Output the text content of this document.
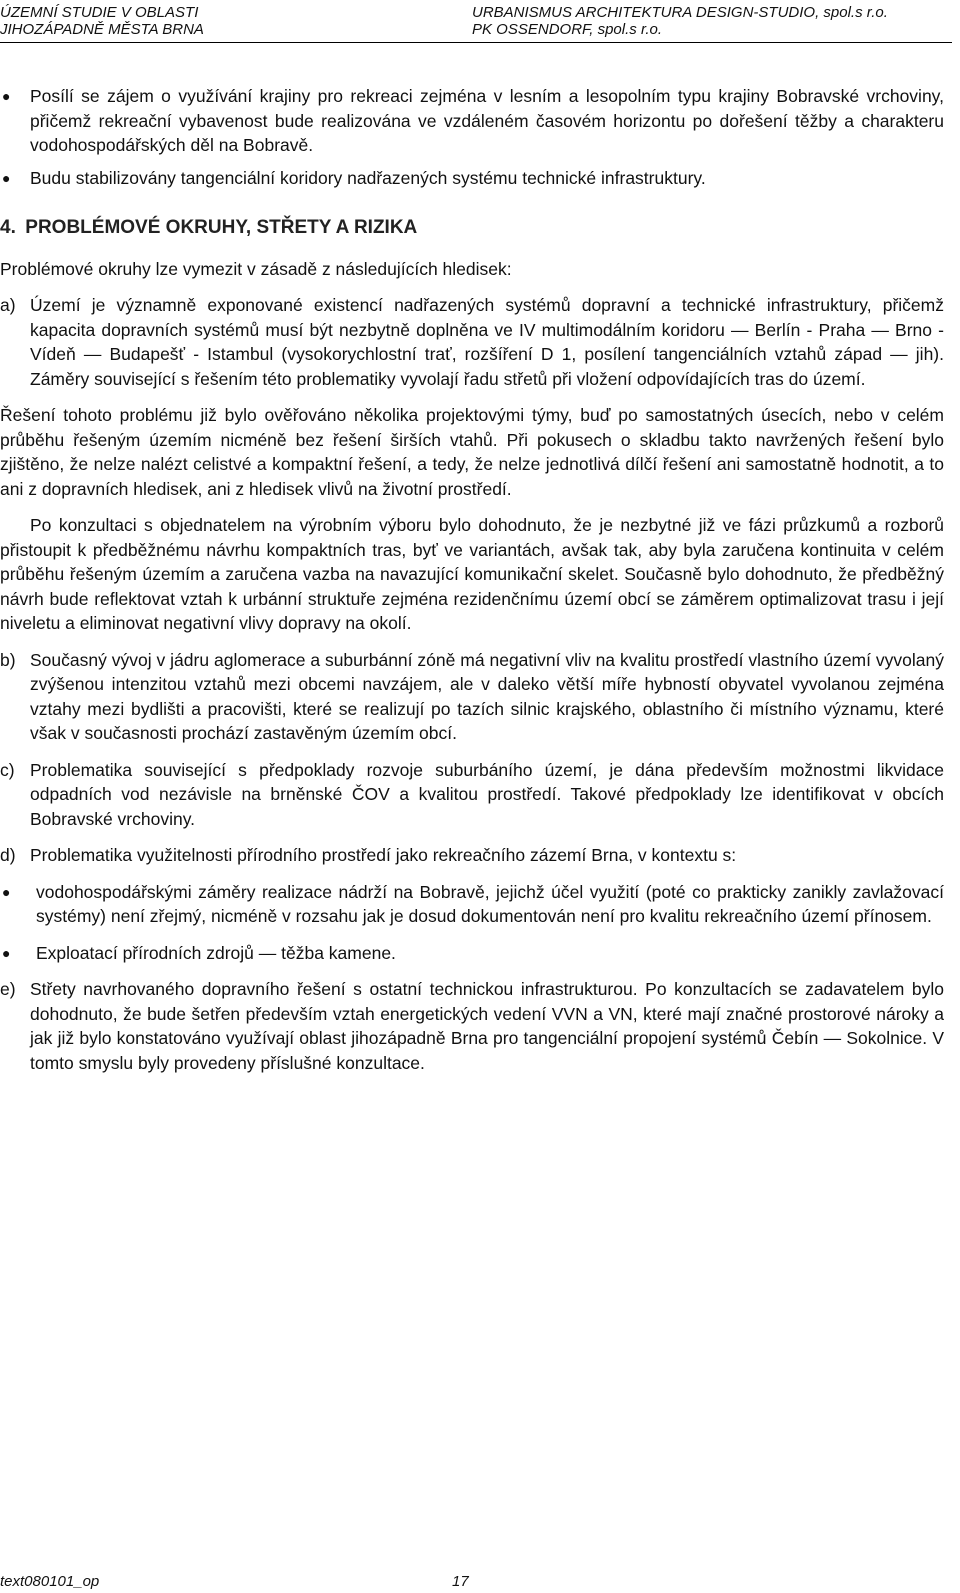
ÚZEMNÍ STUDIE V OBLASTI
JIHOZÁPADNĚ MĚSTA BRNA
URBANISMUS ARCHITEKTURA DESIGN-STUDIO, spol.s r.o.
PK OSSENDORF, spol.s r.o.
● Posílí se zájem o využívání krajiny pro rekreaci zejména v lesním a lesopolním typu krajiny Bobravské vrchoviny, přičemž rekreační vybavenost bude realizována ve vzdáleném časovém horizontu po dořešení těžby a charakteru vodohospodářských děl na Bobravě.
● Budu stabilizovány tangenciální koridory nadřazených systému technické infrastruktury.
4. PROBLÉMOVÉ OKRUHY, STŘETY A RIZIKA
Problémové okruhy lze vymezit v zásadě z následujících hledisek:
a) Území je významně exponované existencí nadřazených systémů dopravní a technické infrastruktury, přičemž kapacita dopravních systémů musí být nezbytně doplněna ve IV multimodálním koridoru — Berlín - Praha — Brno - Vídeň — Budapešť - Istambul (vysokorychlostní trať, rozšíření D 1, posílení tangenciálních vztahů západ — jih). Záměry související s řešením této problematiky vyvolají řadu střetů při vložení odpovídajících tras do území.
Řešení tohoto problému již bylo ověřováno několika projektovými týmy, buď po samostatných úsecích, nebo v celém průběhu řešeným územím nicméně bez řešení širších vtahů. Při pokusech o skladbu takto navržených řešení bylo zjištěno, že nelze nalézt celistvé a kompaktní řešení, a tedy, že nelze jednotlivá dílčí řešení ani samostatně hodnotit, a to ani z dopravních hledisek, ani z hledisek vlivů na životní prostředí.
Po konzultaci s objednatelem na výrobním výboru bylo dohodnuto, že je nezbytné již ve fázi průzkumů a rozborů přistoupit k předběžnému návrhu kompaktních tras, byť ve variantách, avšak tak, aby byla zaručena kontinuita v celém průběhu řešeným územím a zaručena vazba na navazující komunikační skelet. Současně bylo dohodnuto, že předběžný návrh bude reflektovat vztah k urbánní struktuře zejména rezidenčnímu území obcí se záměrem optimalizovat trasu i její niveletu a eliminovat negativní vlivy dopravy na okolí.
b) Současný vývoj v jádru aglomerace a suburbánní zóně má negativní vliv na kvalitu prostředí vlastního území vyvolaný zvýšenou intenzitou vztahů mezi obcemi navzájem, ale v daleko větší míře hybností obyvatel vyvolanou zejména vztahy mezi bydlišti a pracovišti, které se realizují po tazích silnic krajského, oblastního či místního významu, které však v současnosti prochází zastavěným územím obcí.
c) Problematika související s předpoklady rozvoje suburbáního území, je dána především možnostmi likvidace odpadních vod nezávisle na brněnské ČOV a kvalitou prostředí. Takové předpoklady lze identifikovat v obcích Bobravské vrchoviny.
d) Problematika využitelnosti přírodního prostředí jako rekreačního zázemí Brna, v kontextu s:
● vodohospodářskými záměry realizace nádrží na Bobravě, jejichž účel využití (poté co prakticky zanikly zavlažovací systémy) není zřejmý, nicméně v rozsahu jak je dosud dokumentován není pro kvalitu rekreačního území přínosem.
● Exploatací přírodních zdrojů — těžba kamene.
e) Střety navrhovaného dopravního řešení s ostatní technickou infrastrukturou. Po konzultacích se zadavatelem bylo dohodnuto, že bude šetřen především vztah energetických vedení VVN a VN, které mají značné prostorové nároky a jak již bylo konstatováno využívají oblast jihozápadně Brna pro tangenciální propojení systémů Čebín — Sokolnice. V tomto smyslu byly provedeny příslušné konzultace.
text080101_op	17
